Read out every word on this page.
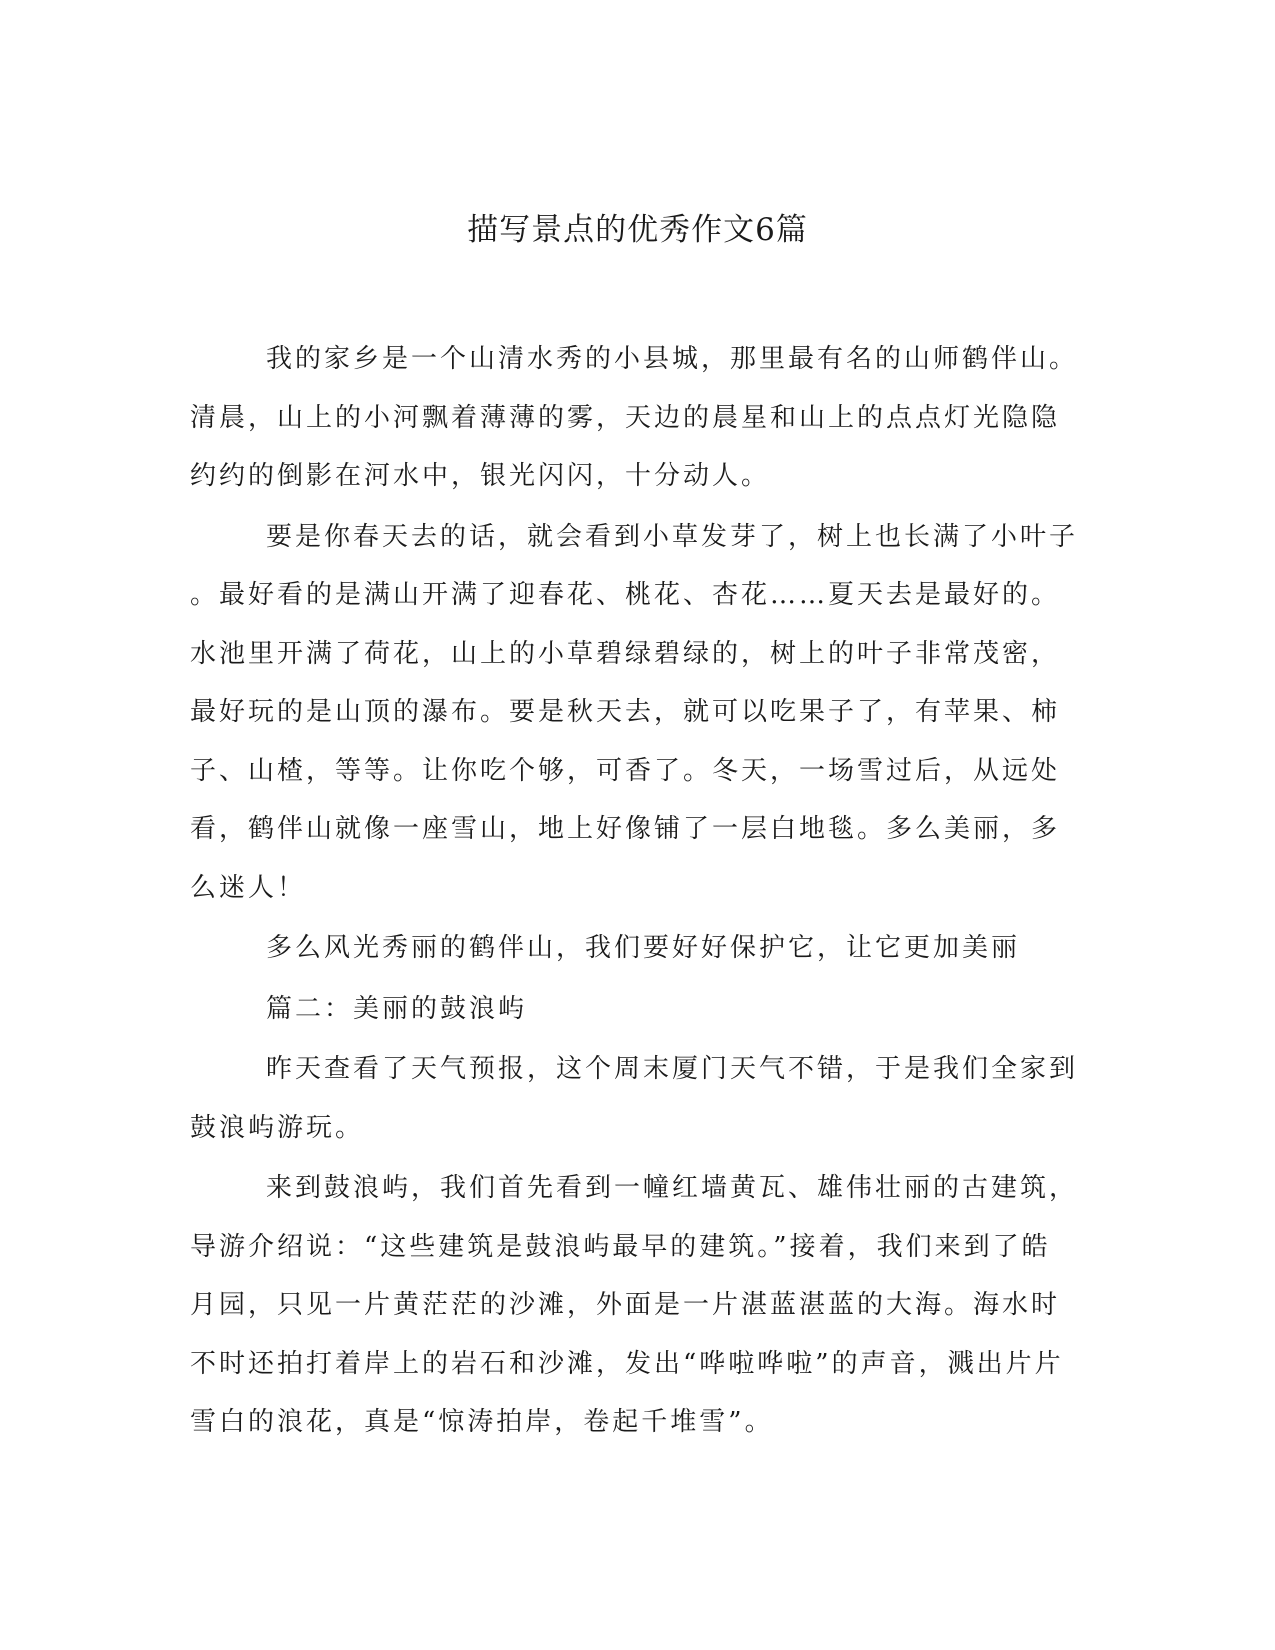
描写景点的优秀作文6篇

我的家乡是一个山清水秀的小县城，那里最有名的山师鹤伴山。
清晨，山上的小河飘着薄薄的雾，天边的晨星和山上的点点灯光隐隐
约约的倒影在河水中，银光闪闪，十分动人。

要是你春天去的话，就会看到小草发芽了，树上也长满了小叶子
。最好看的是满山开满了迎春花、桃花、杏花……夏天去是最好的。
水池里开满了荷花，山上的小草碧绿碧绿的，树上的叶子非常茂密，
最好玩的是山顶的瀑布。要是秋天去，就可以吃果子了，有苹果、柿
子、山楂，等等。让你吃个够，可香了。冬天，一场雪过后，从远处
看，鹤伴山就像一座雪山，地上好像铺了一层白地毯。多么美丽，多
么迷人！

多么风光秀丽的鹤伴山，我们要好好保护它，让它更加美丽

篇二：美丽的鼓浪屿

昨天查看了天气预报，这个周末厦门天气不错，于是我们全家到
鼓浪屿游玩。

来到鼓浪屿，我们首先看到一幢红墙黄瓦、雄伟壮丽的古建筑，
导游介绍说：“这些建筑是鼓浪屿最早的建筑。”接着，我们来到了皓
月园，只见一片黄茫茫的沙滩，外面是一片湛蓝湛蓝的大海。海水时
不时还拍打着岸上的岩石和沙滩，发出“哗啦哗啦”的声音，溅出片片
雪白的浪花，真是“惊涛拍岸，卷起千堆雪”。
